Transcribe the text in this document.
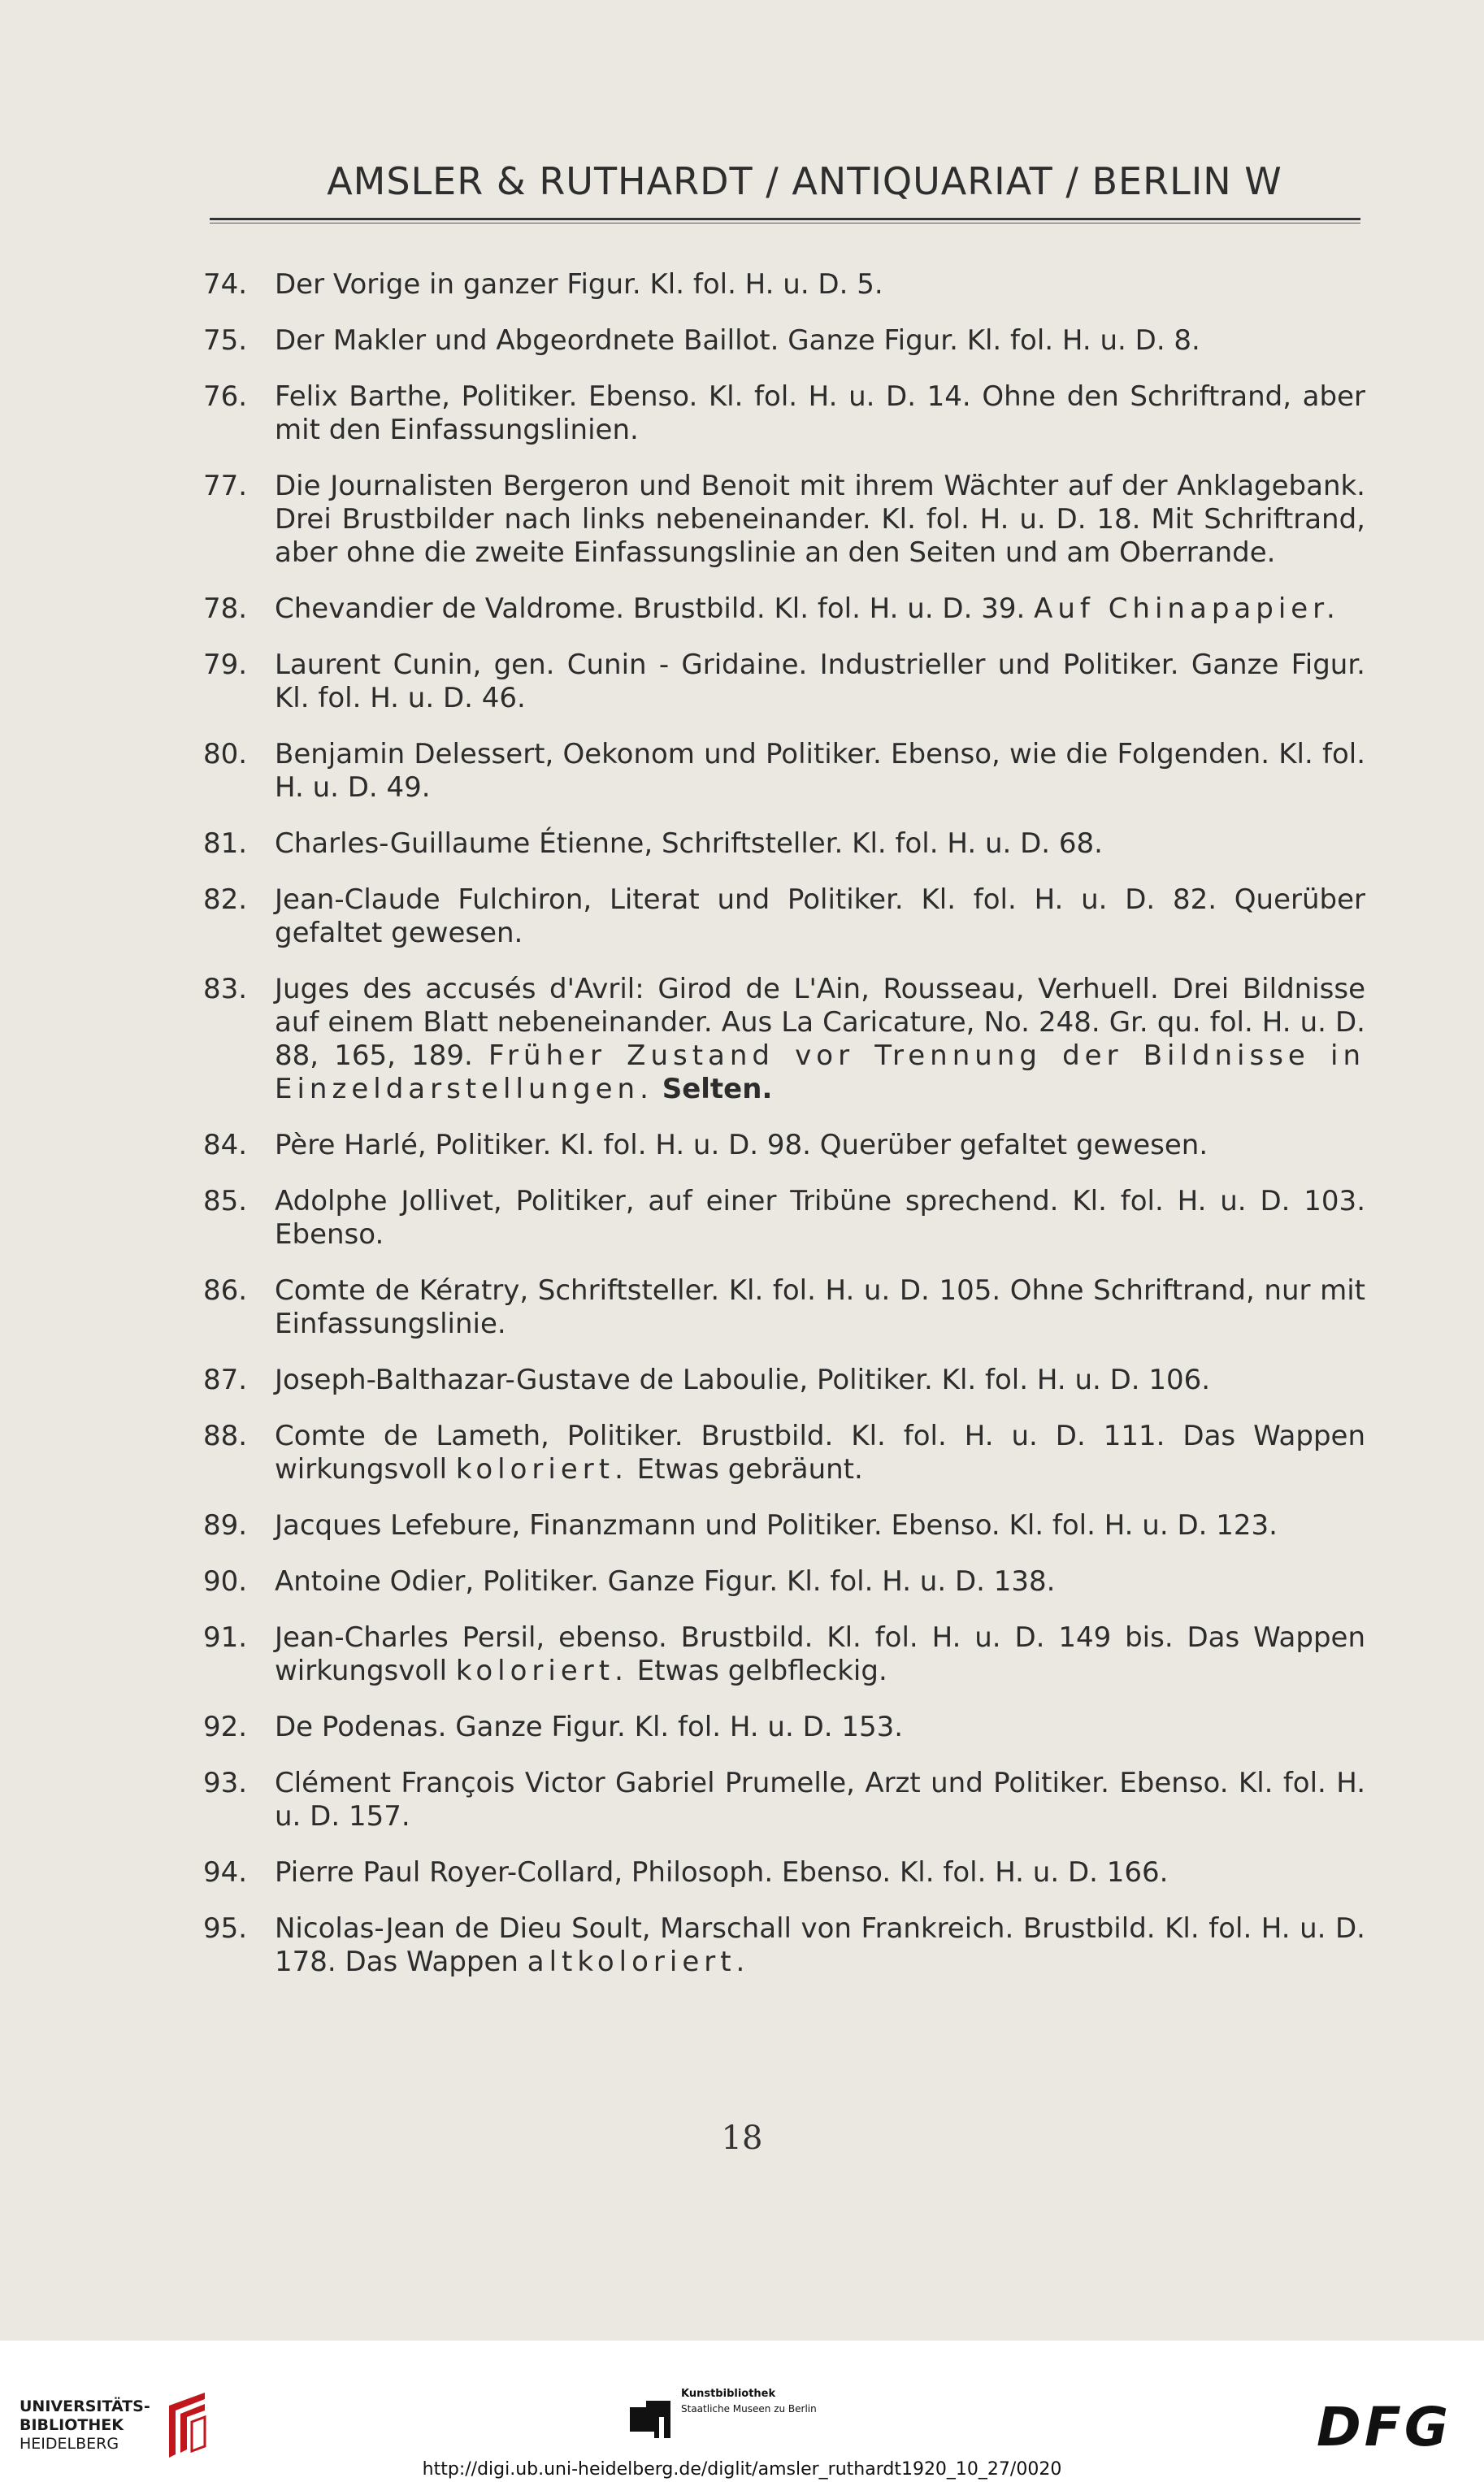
AMSLER & RUTHARDT / ANTIQUARIAT / BERLIN W
74. Der Vorige in ganzer Figur. Kl. fol. H. u. D. 5.
75. Der Makler und Abgeordnete Baillot. Ganze Figur. Kl. fol. H. u. D. 8.
76. Felix Barthe, Politiker. Ebenso. Kl. fol. H. u. D. 14. Ohne den Schriftrand, aber mit den Einfassungslinien.
77. Die Journalisten Bergeron und Benoit mit ihrem Wächter auf der Anklagebank. Drei Brustbilder nach links nebeneinander. Kl. fol. H. u. D. 18. Mit Schriftrand, aber ohne die zweite Einfassungslinie an den Seiten und am Oberrande.
78. Chevandier de Valdrome. Brustbild. Kl. fol. H. u. D. 39. Auf Chinapapier.
79. Laurent Cunin, gen. Cunin - Gridaine. Industrieller und Politiker. Ganze Figur. Kl. fol. H. u. D. 46.
80. Benjamin Delessert, Oekonom und Politiker. Ebenso, wie die Folgenden. Kl. fol. H. u. D. 49.
81. Charles-Guillaume Étienne, Schriftsteller. Kl. fol. H. u. D. 68.
82. Jean-Claude Fulchiron, Literat und Politiker. Kl. fol. H. u. D. 82. Querüber gefaltet gewesen.
83. Juges des accusés d'Avril: Girod de L'Ain, Rousseau, Verhuell. Drei Bildnisse auf einem Blatt nebeneinander. Aus La Caricature, No. 248. Gr. qu. fol. H. u. D. 88, 165, 189. Früher Zustand vor Trennung der Bildnisse in Einzeldarstellungen. Selten.
84. Père Harlé, Politiker. Kl. fol. H. u. D. 98. Querüber gefaltet gewesen.
85. Adolphe Jollivet, Politiker, auf einer Tribüne sprechend. Kl. fol. H. u. D. 103. Ebenso.
86. Comte de Kératry, Schriftsteller. Kl. fol. H. u. D. 105. Ohne Schriftrand, nur mit Einfassungslinie.
87. Joseph-Balthazar-Gustave de Laboulie, Politiker. Kl. fol. H. u. D. 106.
88. Comte de Lameth, Politiker. Brustbild. Kl. fol. H. u. D. 111. Das Wappen wirkungsvoll koloriert. Etwas gebräunt.
89. Jacques Lefebure, Finanzmann und Politiker. Ebenso. Kl. fol. H. u. D. 123.
90. Antoine Odier, Politiker. Ganze Figur. Kl. fol. H. u. D. 138.
91. Jean-Charles Persil, ebenso. Brustbild. Kl. fol. H. u. D. 149 bis. Das Wappen wirkungsvoll koloriert. Etwas gelbfleckig.
92. De Podenas. Ganze Figur. Kl. fol. H. u. D. 153.
93. Clément François Victor Gabriel Prumelle, Arzt und Politiker. Ebenso. Kl. fol. H. u. D. 157.
94. Pierre Paul Royer-Collard, Philosoph. Ebenso. Kl. fol. H. u. D. 166.
95. Nicolas-Jean de Dieu Soult, Marschall von Frankreich. Brustbild. Kl. fol. H. u. D. 178. Das Wappen altkoloriert.
18
UNIVERSITÄTS-
BIBLIOTHEK
HEIDELBERG
Kunstbibliothek
Staatliche Museen zu Berlin	DFG
http://digi.ub.uni-heidelberg.de/diglit/amsler_ruthardt1920_10_27/0020
